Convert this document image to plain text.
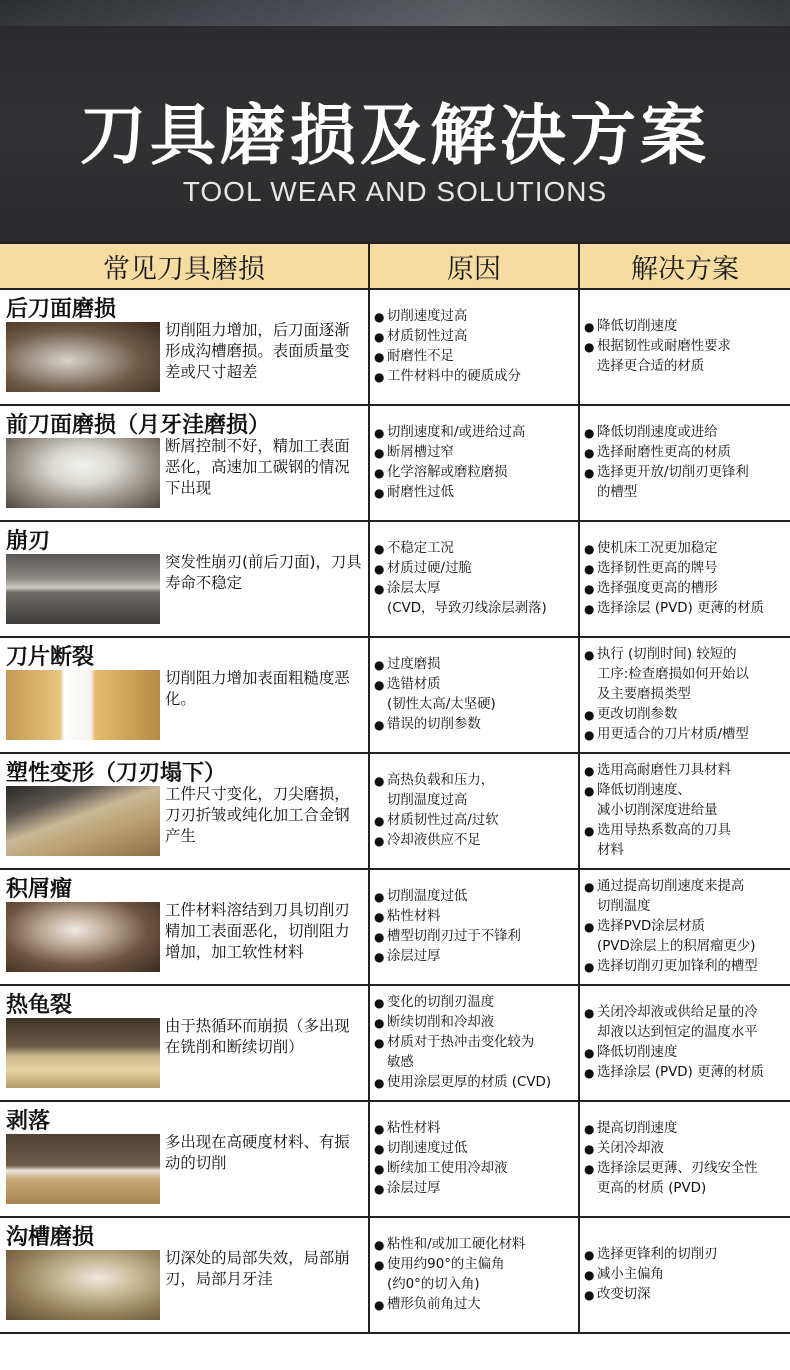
刀具磨损及解决方案
TOOL WEAR AND SOLUTIONS
常见刀具磨损	原因	解决方案
后刀面磨损
切削阻力增加，后刀面逐渐形成沟槽磨损。表面质量变差或尺寸超差
● 切削速度过高
● 材质韧性过高
● 耐磨性不足
● 工件材料中的硬质成分
● 降低切削速度
● 根据韧性或耐磨性要求
选择更合适的材质
前刀面磨损（月牙洼磨损）
断屑控制不好，精加工表面恶化，高速加工碳钢的情况下出现
● 切削速度和/或进给过高
● 断屑槽过窄
● 化学溶解或磨粒磨损
● 耐磨性过低
● 降低切削速度或进给
● 选择耐磨性更高的材质
● 选择更开放/切削刃更锋利
的槽型
崩刃
突发性崩刃(前后刀面)，刀具寿命不稳定
● 不稳定工况
● 材质过硬/过脆
● 涂层太厚
(CVD，导致刃线涂层剥落)
● 使机床工况更加稳定
● 选择韧性更高的牌号
● 选择强度更高的槽形
● 选择涂层 (PVD) 更薄的材质
刀片断裂
切削阻力增加表面粗糙度恶化。
● 过度磨损
● 选错材质
(韧性太高/太坚硬)
● 错误的切削参数
● 执行 (切削时间) 较短的
工序:检查磨损如何开始以
及主要磨损类型
● 更改切削参数
● 用更适合的刀片材质/槽型
塑性变形（刀刃塌下）
工件尺寸变化，刀尖磨损，刀刃折皱或纯化加工合金钢产生
● 高热负载和压力，
切削温度过高
● 材质韧性过高/过软
● 冷却液供应不足
● 选用高耐磨性刀具材料
● 降低切削速度、
减小切削深度进给量
● 选用导热系数高的刀具
材料
积屑瘤
工件材料溶结到刀具切削刃精加工表面恶化，切削阻力增加，加工软性材料
● 切削温度过低
● 粘性材料
● 槽型切削刃过于不锋利
● 涂层过厚
● 通过提高切削速度来提高
切削温度
● 选择PVD涂层材质
(PVD涂层上的积屑瘤更少)
● 选择切削刃更加锋利的槽型
热龟裂
由于热循环而崩损（多出现在铣削和断续切削）
● 变化的切削刃温度
● 断续切削和冷却液
● 材质对于热冲击变化较为
敏感
● 使用涂层更厚的材质 (CVD)
● 关闭冷却液或供给足量的冷
却液以达到恒定的温度水平
● 降低切削速度
● 选择涂层 (PVD) 更薄的材质
剥落
多出现在高硬度材料、有振动的切削
● 粘性材料
● 切削速度过低
● 断续加工使用冷却液
● 涂层过厚
● 提高切削速度
● 关闭冷却液
● 选择涂层更薄、刃线安全性
更高的材质 (PVD)
沟槽磨损
切深处的局部失效，局部崩刃，局部月牙洼
● 粘性和/或加工硬化材料
● 使用约90°的主偏角
(约0°的切入角)
● 槽形负前角过大
● 选择更锋利的切削刃
● 减小主偏角
● 改变切深
